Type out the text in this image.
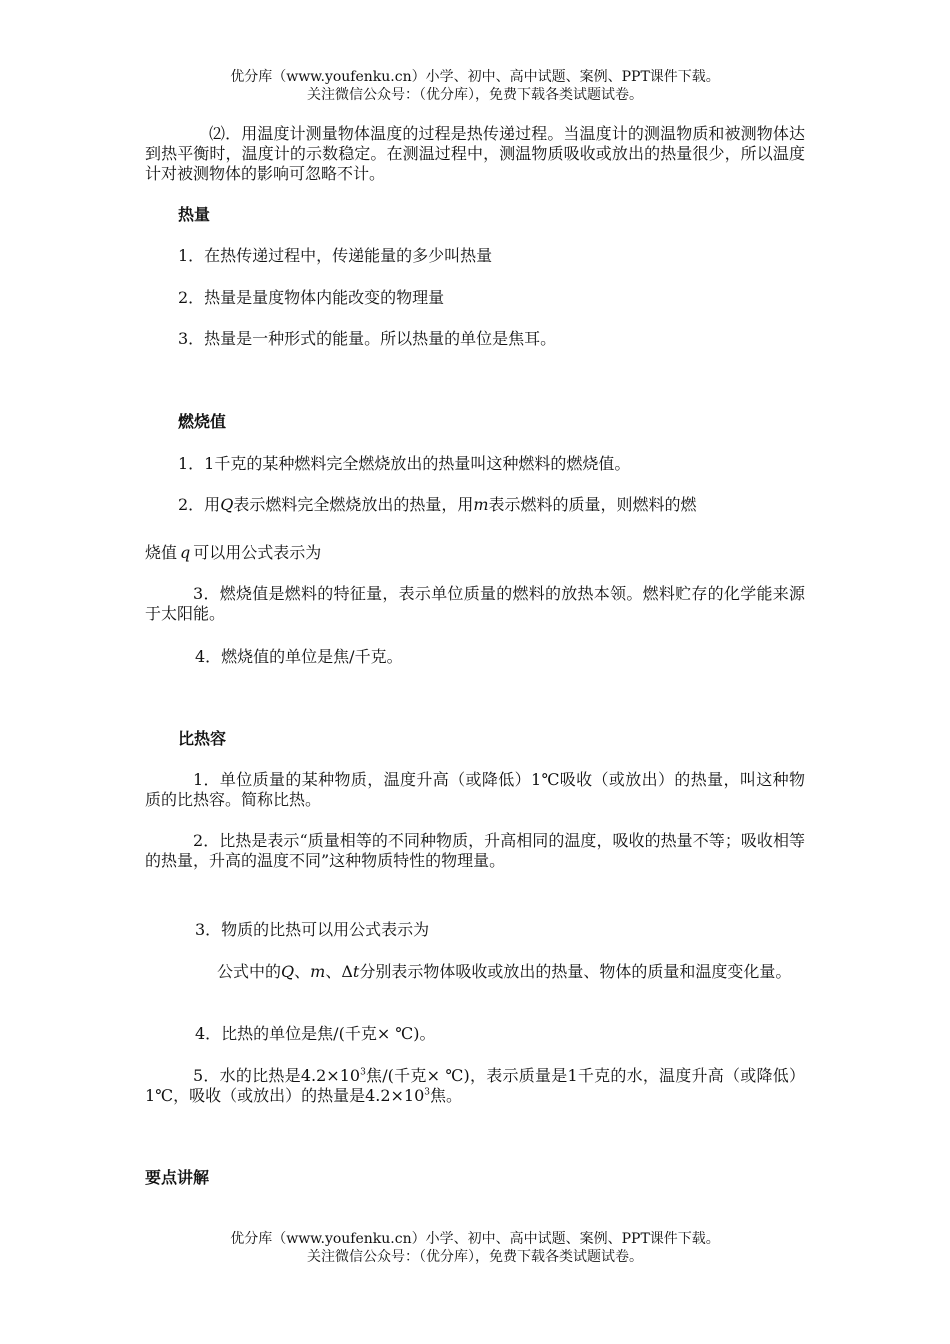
优分库（www.youfenku.cn）小学、初中、高中试题、案例、PPT课件下载。
关注微信公众号：（优分库），免费下载各类试题试卷。
⑵．用温度计测量物体温度的过程是热传递过程。当温度计的测温物质和被测物体达到热平衡时，温度计的示数稳定。在测温过程中，测温物质吸收或放出的热量很少，所以温度计对被测物体的影响可忽略不计。
热量
1．在热传递过程中，传递能量的多少叫热量
2．热量是量度物体内能改变的物理量
3．热量是一种形式的能量。所以热量的单位是焦耳。
燃烧值
1．1千克的某种燃料完全燃烧放出的热量叫这种燃料的燃烧值。
2．用Q表示燃料完全燃烧放出的热量，用m表示燃料的质量，则燃料的燃
烧值 q 可以用公式表示为
3．燃烧值是燃料的特征量，表示单位质量的燃料的放热本领。燃料贮存的化学能来源于太阳能。
4．燃烧值的单位是焦/千克。
比热容
1．单位质量的某种物质，温度升高（或降低）1℃吸收（或放出）的热量，叫这种物质的比热容。简称比热。
2．比热是表示“质量相等的不同种物质，升高相同的温度，吸收的热量不等；吸收相等的热量，升高的温度不同”这种物质特性的物理量。
3．物质的比热可以用公式表示为
公式中的Q、m、Δt分别表示物体吸收或放出的热量、物体的质量和温度变化量。
4．比热的单位是焦/(千克× ℃)。
5．水的比热是$4.2\times 10^3$焦/(千克× ℃)，表示质量是1千克的水，温度升高（或降低）1℃，吸收（或放出）的热量是$4.2\times 10^3$焦。
要点讲解
优分库（www.youfenku.cn）小学、初中、高中试题、案例、PPT课件下载。
关注微信公众号：（优分库），免费下载各类试题试卷。
